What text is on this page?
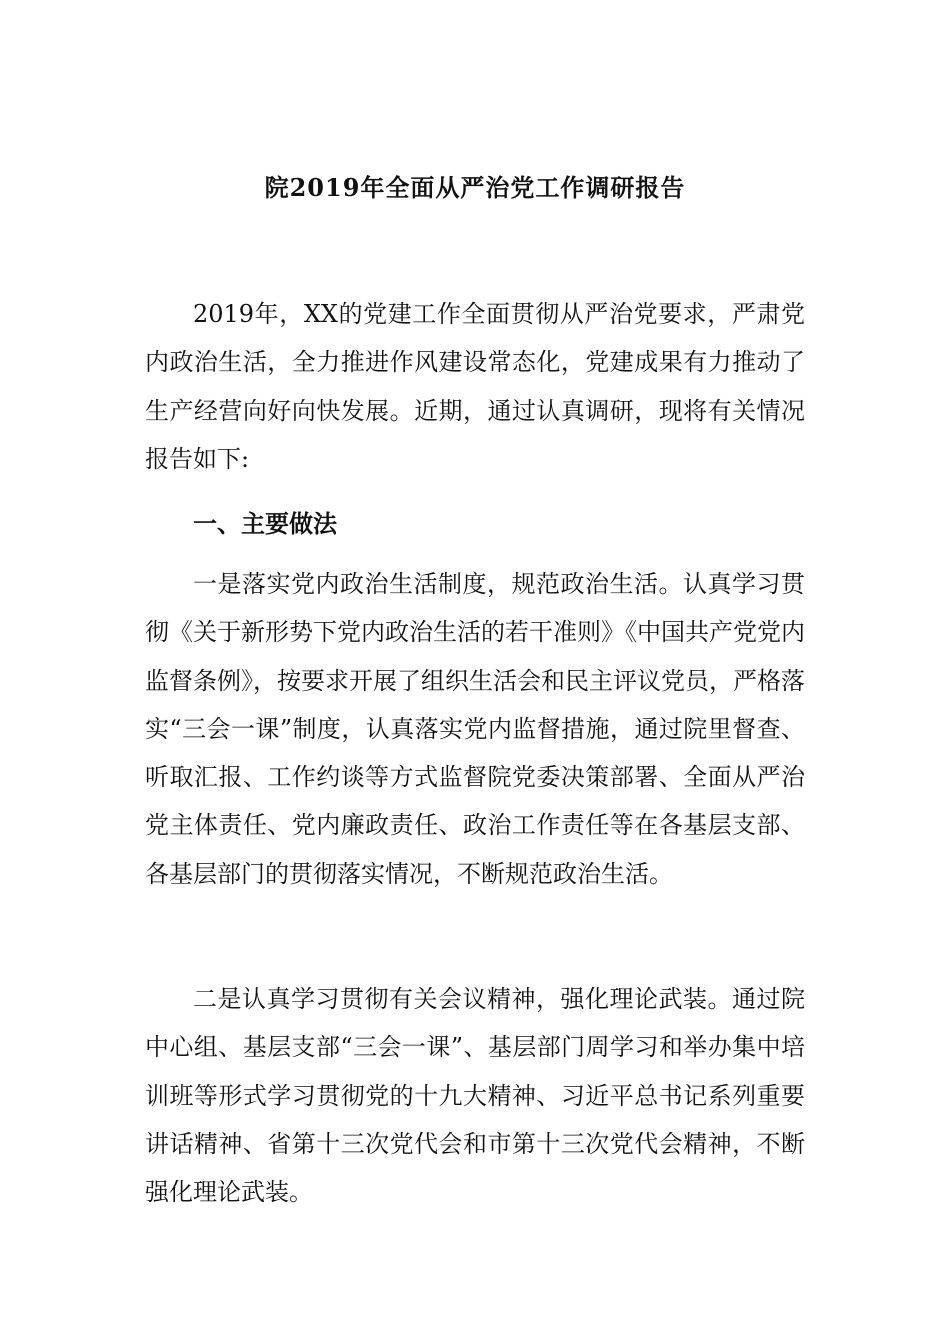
院2019年全面从严治党工作调研报告

2019年，XX的党建工作全面贯彻从严治党要求，严肃党内政治生活，全力推进作风建设常态化，党建成果有力推动了生产经营向好向快发展。近期，通过认真调研，现将有关情况报告如下:

一、主要做法

一是落实党内政治生活制度，规范政治生活。认真学习贯彻《关于新形势下党内政治生活的若干准则》《中国共产党党内监督条例》，按要求开展了组织生活会和民主评议党员，严格落实“三会一课”制度，认真落实党内监督措施，通过院里督查、听取汇报、工作约谈等方式监督院党委决策部署、全面从严治党主体责任、党内廉政责任、政治工作责任等在各基层支部、各基层部门的贯彻落实情况，不断规范政治生活。

二是认真学习贯彻有关会议精神，强化理论武装。通过院中心组、基层支部“三会一课”、基层部门周学习和举办集中培训班等形式学习贯彻党的十九大精神、习近平总书记系列重要讲话精神、省第十三次党代会和市第十三次党代会精神，不断强化理论武装。
